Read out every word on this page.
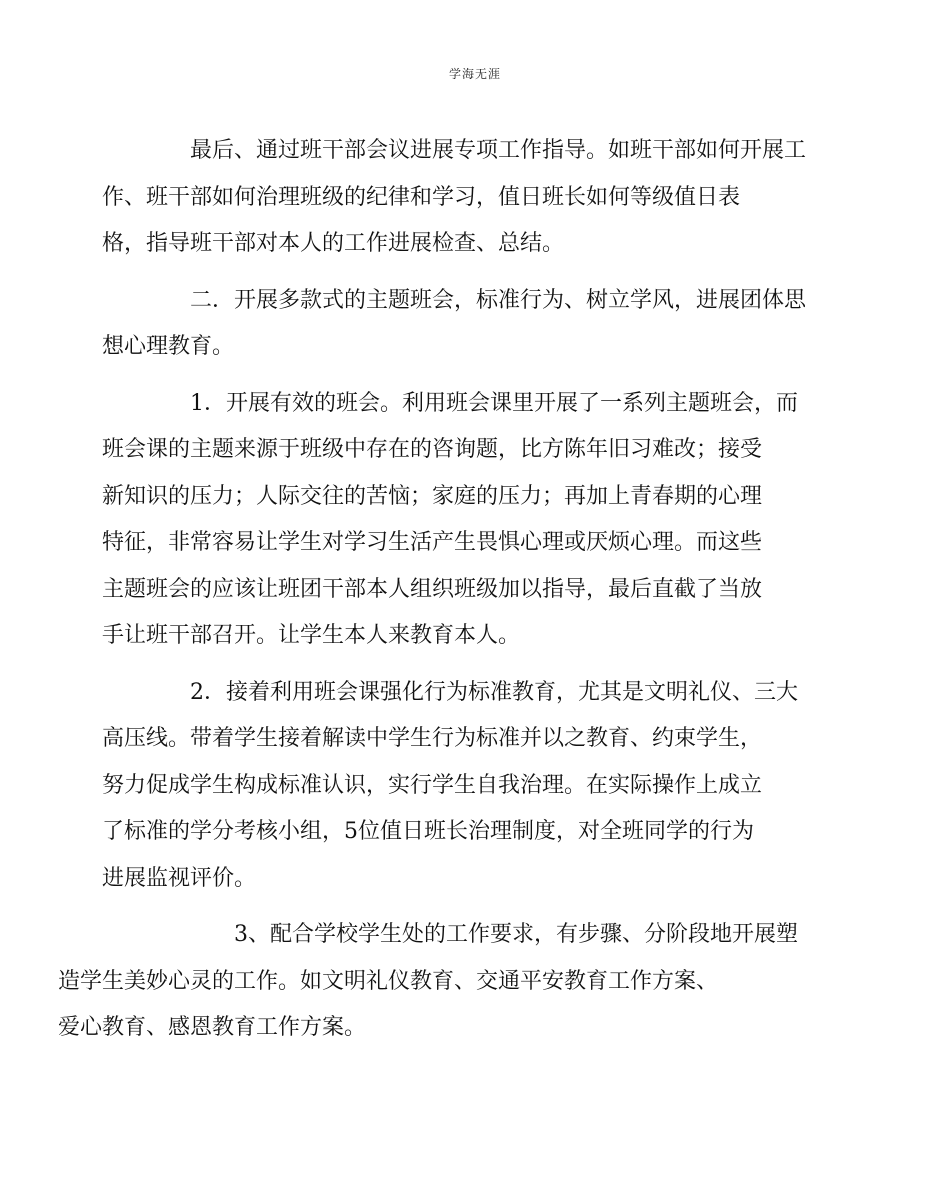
学海无涯

最后、通过班干部会议进展专项工作指导。如班干部如何开展工
作、班干部如何治理班级的纪律和学习，值日班长如何等级值日表
格，指导班干部对本人的工作进展检查、总结。

二．开展多款式的主题班会，标准行为、树立学风，进展团体思
想心理教育。

1．开展有效的班会。利用班会课里开展了一系列主题班会，而
班会课的主题来源于班级中存在的咨询题，比方陈年旧习难改；接受
新知识的压力；人际交往的苦恼；家庭的压力；再加上青春期的心理
特征，非常容易让学生对学习生活产生畏惧心理或厌烦心理。而这些
主题班会的应该让班团干部本人组织班级加以指导，最后直截了当放
手让班干部召开。让学生本人来教育本人。

2．接着利用班会课强化行为标准教育，尤其是文明礼仪、三大
高压线。带着学生接着解读中学生行为标准并以之教育、约束学生，
努力促成学生构成标准认识，实行学生自我治理。在实际操作上成立
了标准的学分考核小组，5位值日班长治理制度，对全班同学的行为
进展监视评价。

3、配合学校学生处的工作要求，有步骤、分阶段地开展塑
造学生美妙心灵的工作。如文明礼仪教育、交通平安教育工作方案、
爱心教育、感恩教育工作方案。
